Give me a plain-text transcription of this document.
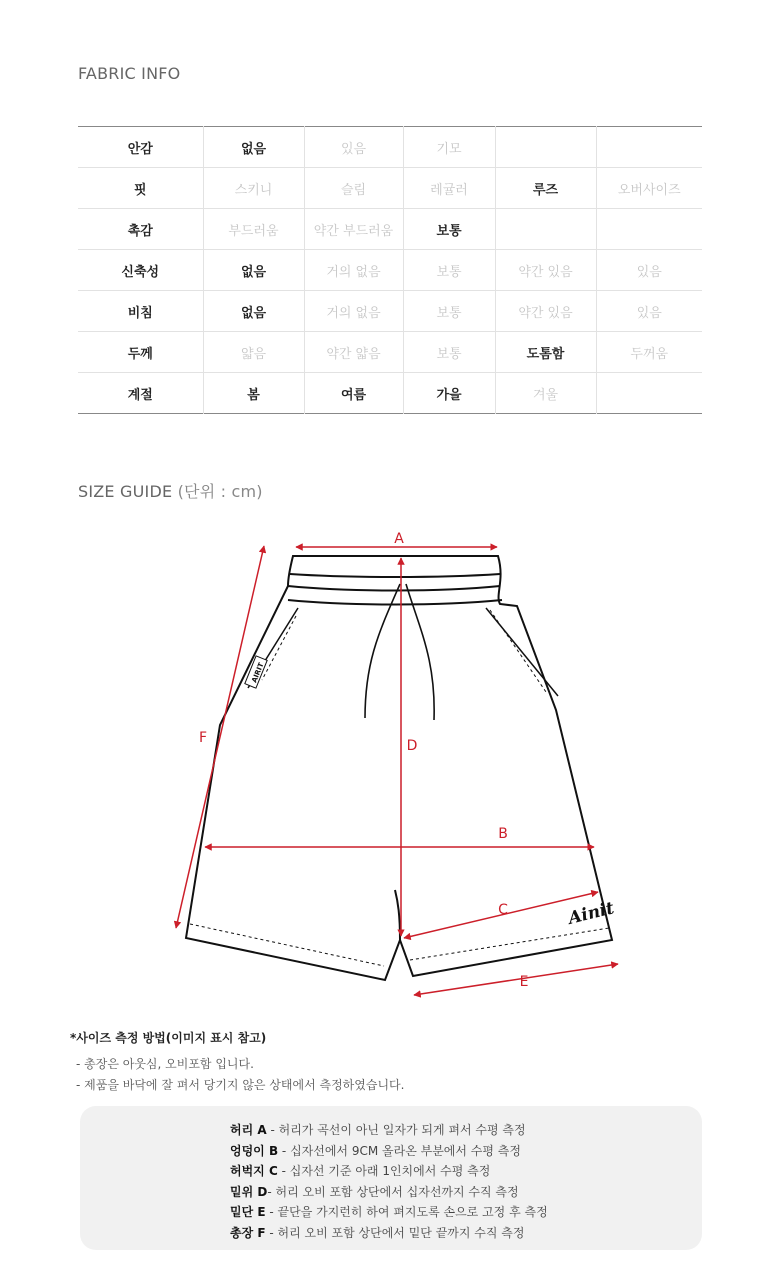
FABRIC INFO
안감	없음	있음	기모		
핏	스키니	슬림	레귤러	루즈	오버사이즈
촉감	부드러움	약간 부드러움	보통		
신축성	없음	거의 없음	보통	약간 있음	있음
비침	없음	거의 없음	보통	약간 있음	있음
두께	얇음	약간 얇음	보통	도톰함	두꺼움
계절	봄	여름	가을	겨울	
SIZE GUIDE (단위 : cm)
AIRIT
Ainit
A
B
C
D
E
F
*사이즈 측정 방법(이미지 표시 참고)
- 총장은 아웃심, 오비포함 입니다.
- 제품을 바닥에 잘 펴서 당기지 않은 상태에서 측정하였습니다.
허리 A - 허리가 곡선이 아닌 일자가 되게 펴서 수평 측정
엉덩이 B - 십자선에서 9CM 올라온 부분에서 수평 측정
허벅지 C - 십자선 기준 아래 1인치에서 수평 측정
밑위 D- 허리 오비 포함 상단에서 십자선까지 수직 측정
밑단 E - 끝단을 가지런히 하여 펴지도록 손으로 고정 후 측정
총장 F - 허리 오비 포함 상단에서 밑단 끝까지 수직 측정
